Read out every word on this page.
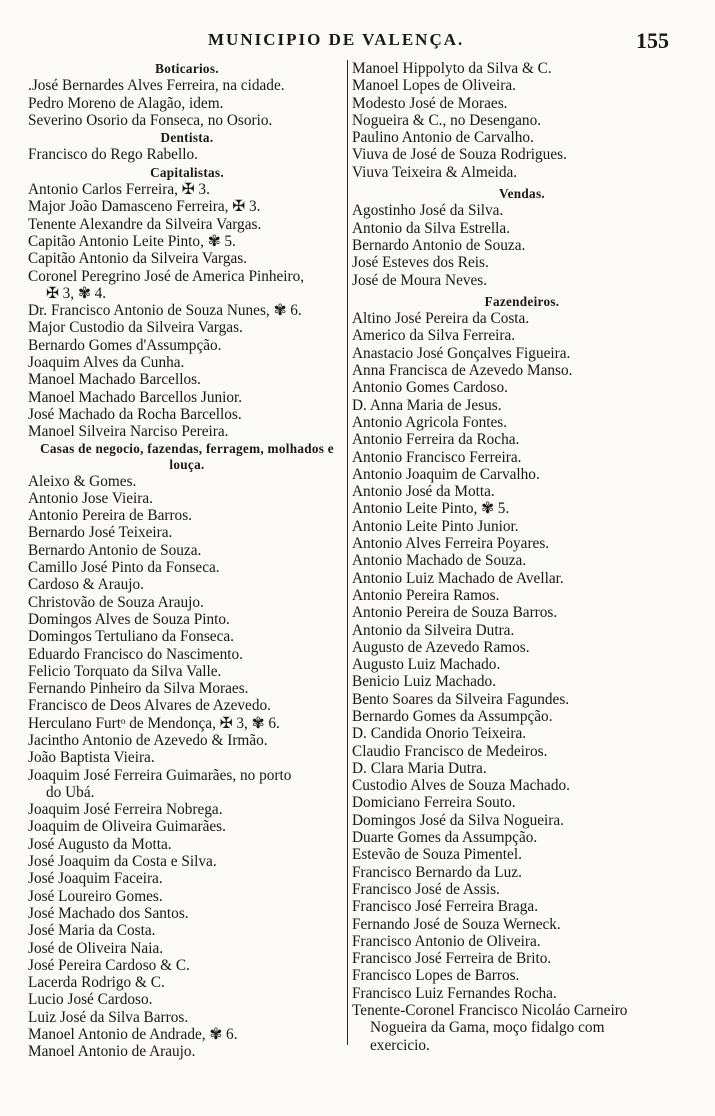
MUNICIPIO DE VALENÇA.	155
Boticarios.
.José Bernardes Alves Ferreira, na cidade.
Pedro Moreno de Alagão, idem.
Severino Osorio da Fonseca, no Osorio.
Dentista.
Francisco do Rego Rabello.
Capitalistas.
Antonio Carlos Ferreira, ✠ 3.
Major João Damasceno Ferreira, ✠ 3.
Tenente Alexandre da Silveira Vargas.
Capitão Antonio Leite Pinto, ✾ 5.
Capitão Antonio da Silveira Vargas.
Coronel Peregrino José de America Pinheiro,
✠ 3, ✾ 4.
Dr. Francisco Antonio de Souza Nunes, ✾ 6.
Major Custodio da Silveira Vargas.
Bernardo Gomes d'Assumpção.
Joaquim Alves da Cunha.
Manoel Machado Barcellos.
Manoel Machado Barcellos Junior.
José Machado da Rocha Barcellos.
Manoel Silveira Narciso Pereira.
Casas de negocio, fazendas, ferragem, molhados e louça.
Aleixo & Gomes.
Antonio Jose Vieira.
Antonio Pereira de Barros.
Bernardo José Teixeira.
Bernardo Antonio de Souza.
Camillo José Pinto da Fonseca.
Cardoso & Araujo.
Christovão de Souza Araujo.
Domingos Alves de Souza Pinto.
Domingos Tertuliano da Fonseca.
Eduardo Francisco do Nascimento.
Felicio Torquato da Silva Valle.
Fernando Pinheiro da Silva Moraes.
Francisco de Deos Alvares de Azevedo.
Herculano Furtᵒ de Mendonça, ✠ 3, ✾ 6.
Jacintho Antonio de Azevedo & Irmão.
João Baptista Vieira.
Joaquim José Ferreira Guimarães, no porto
do Ubá.
Joaquim José Ferreira Nobrega.
Joaquim de Oliveira Guimarães.
José Augusto da Motta.
José Joaquim da Costa e Silva.
José Joaquim Faceira.
José Loureiro Gomes.
José Machado dos Santos.
José Maria da Costa.
José de Oliveira Naia.
José Pereira Cardoso & C.
Lacerda Rodrigo & C.
Lucio José Cardoso.
Luiz José da Silva Barros.
Manoel Antonio de Andrade, ✾ 6.
Manoel Antonio de Araujo.
Manoel Hippolyto da Silva & C.
Manoel Lopes de Oliveira.
Modesto José de Moraes.
Nogueira & C., no Desengano.
Paulino Antonio de Carvalho.
Viuva de José de Souza Rodrigues.
Viuva Teixeira & Almeida.
Vendas.
Agostinho José da Silva.
Antonio da Silva Estrella.
Bernardo Antonio de Souza.
José Esteves dos Reis.
José de Moura Neves.
Fazendeiros.
Altino José Pereira da Costa.
Americo da Silva Ferreira.
Anastacio José Gonçalves Figueira.
Anna Francisca de Azevedo Manso.
Antonio Gomes Cardoso.
D. Anna Maria de Jesus.
Antonio Agricola Fontes.
Antonio Ferreira da Rocha.
Antonio Francisco Ferreira.
Antonio Joaquim de Carvalho.
Antonio José da Motta.
Antonio Leite Pinto, ✾ 5.
Antonio Leite Pinto Junior.
Antonio Alves Ferreira Poyares.
Antonio Machado de Souza.
Antonio Luiz Machado de Avellar.
Antonio Pereira Ramos.
Antonio Pereira de Souza Barros.
Antonio da Silveira Dutra.
Augusto de Azevedo Ramos.
Augusto Luiz Machado.
Benicio Luiz Machado.
Bento Soares da Silveira Fagundes.
Bernardo Gomes da Assumpção.
D. Candida Onorio Teixeira.
Claudio Francisco de Medeiros.
D. Clara Maria Dutra.
Custodio Alves de Souza Machado.
Domiciano Ferreira Souto.
Domingos José da Silva Nogueira.
Duarte Gomes da Assumpção.
Estevão de Souza Pimentel.
Francisco Bernardo da Luz.
Francisco José de Assis.
Francisco José Ferreira Braga.
Fernando José de Souza Werneck.
Francisco Antonio de Oliveira.
Francisco José Ferreira de Brito.
Francisco Lopes de Barros.
Francisco Luiz Fernandes Rocha.
Tenente-Coronel Francisco Nicoláo Carneiro
Nogueira da Gama, moço fidalgo com
exercicio.
